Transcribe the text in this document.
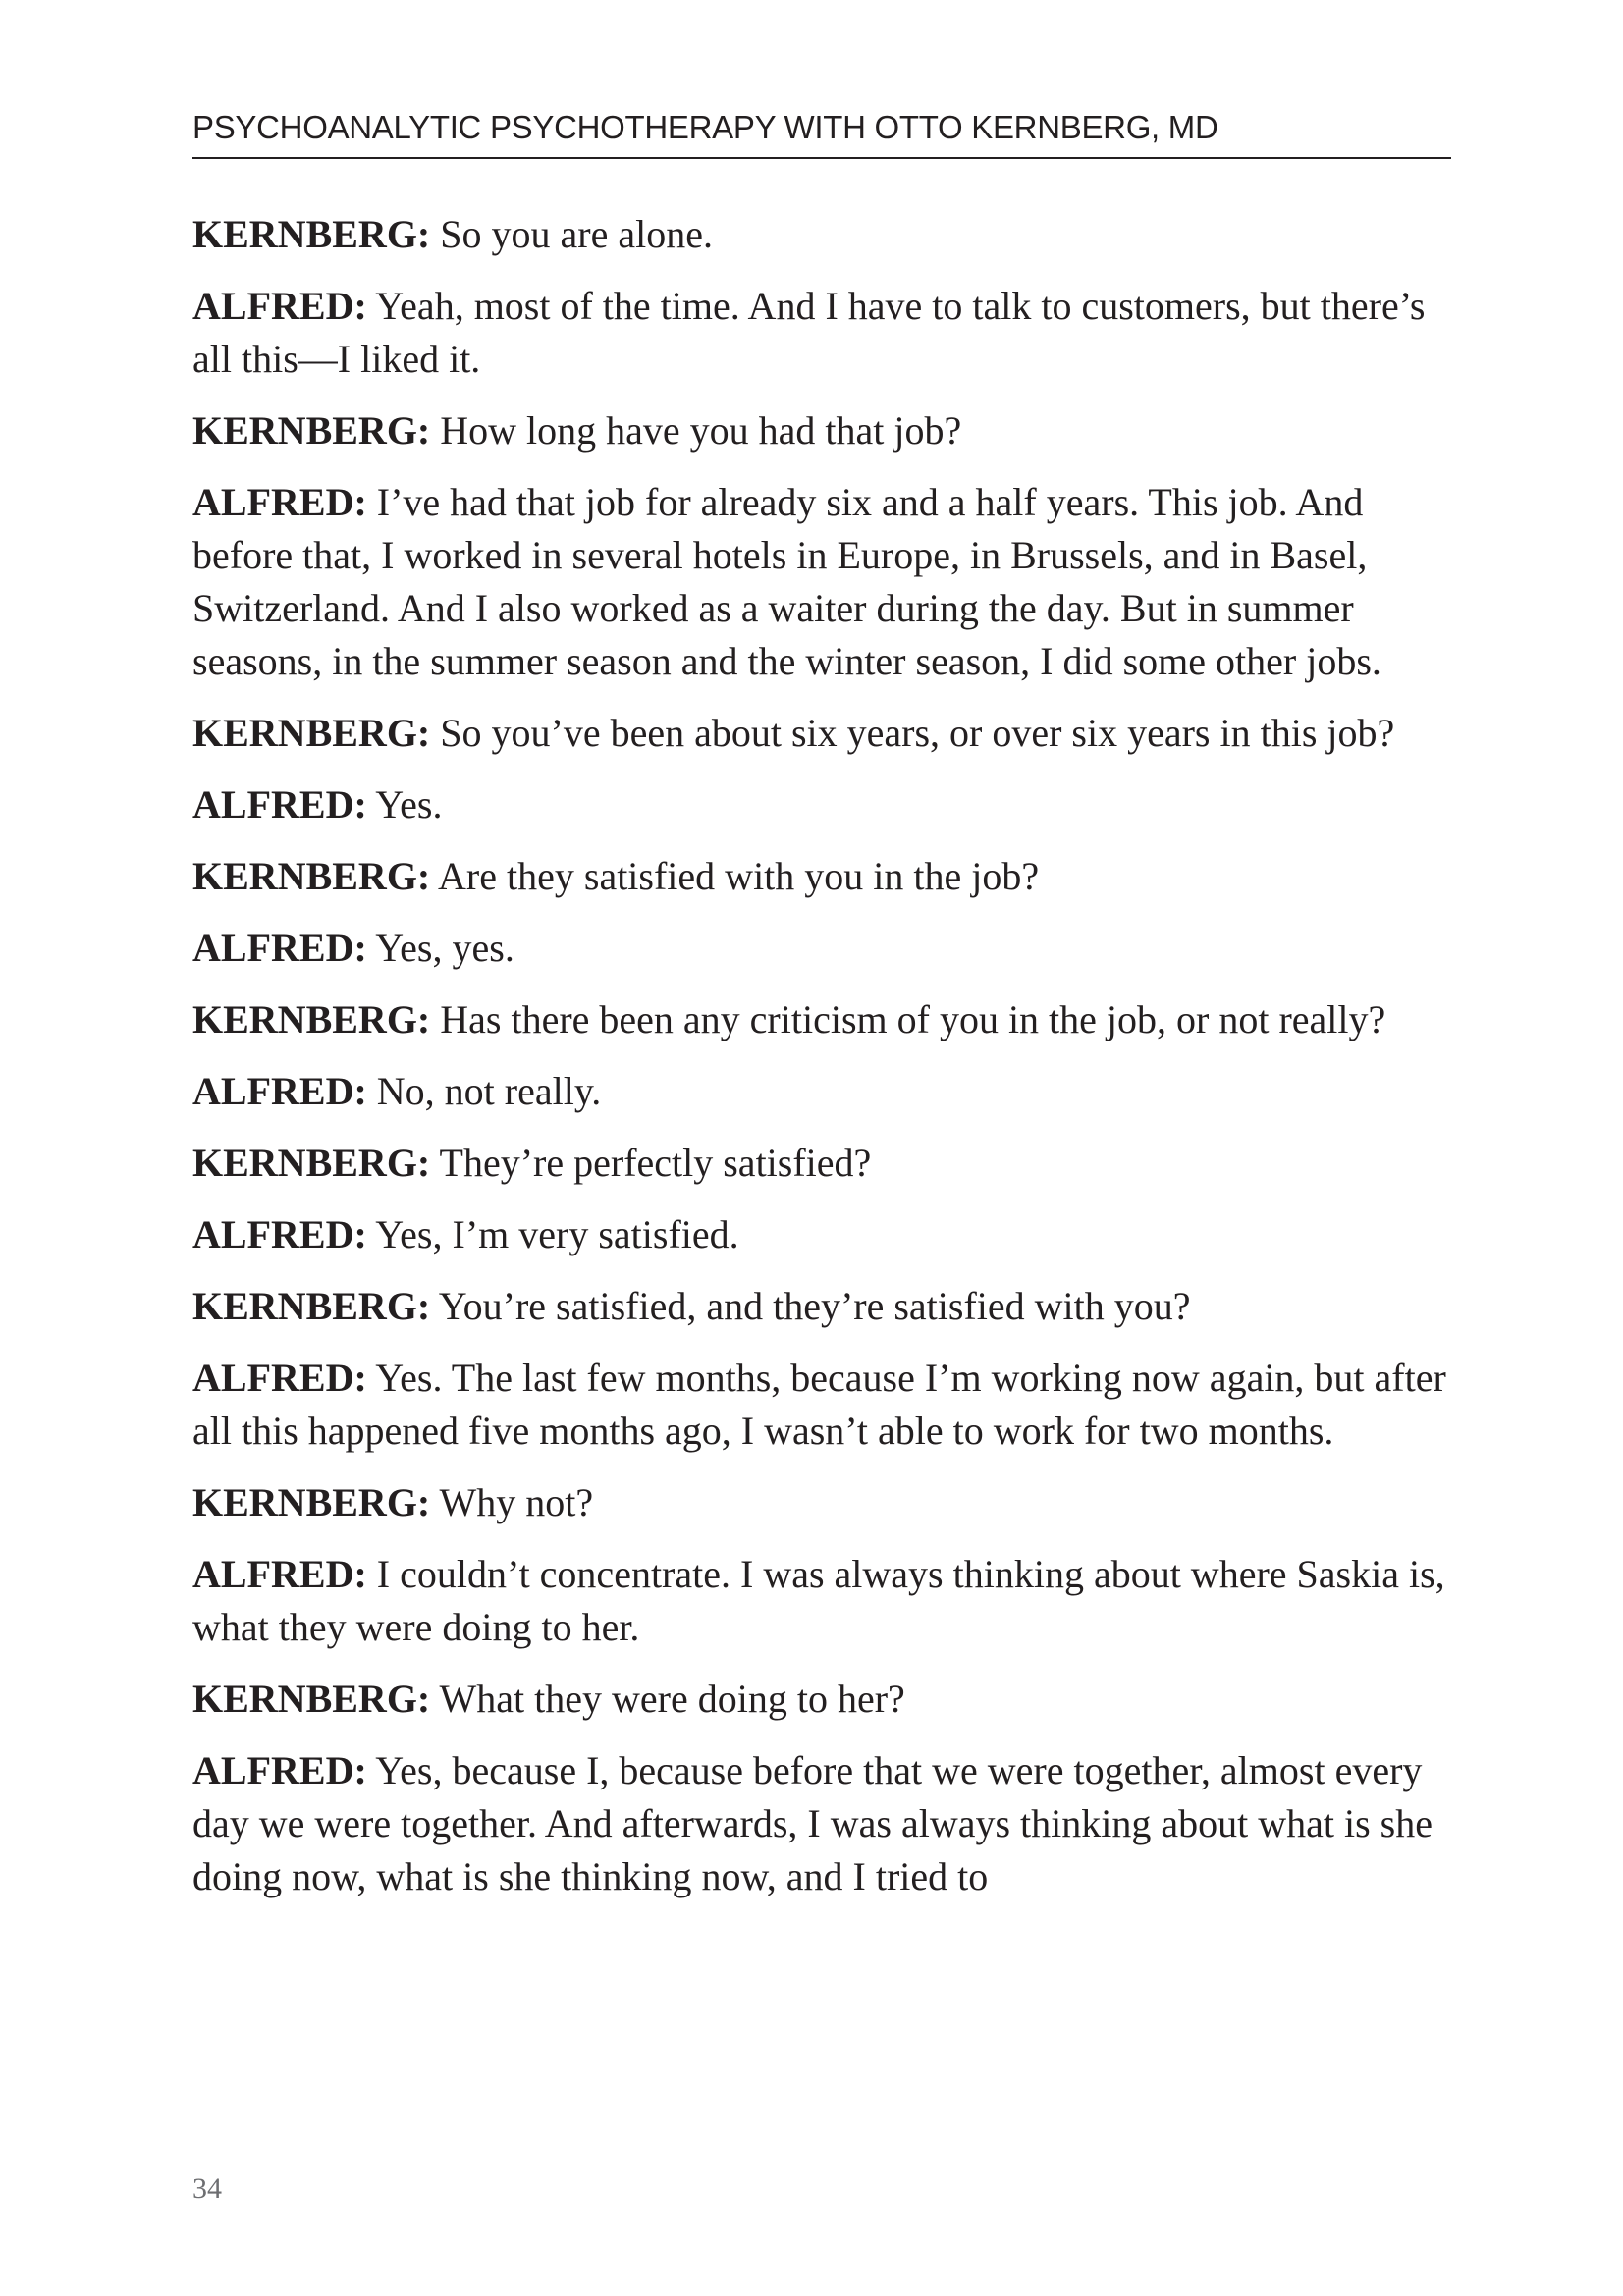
PSYCHOANALYTIC PSYCHOTHERAPY WITH OTTO KERNBERG, MD

KERNBERG: So you are alone.

ALFRED: Yeah, most of the time. And I have to talk to customers, but there’s all this—I liked it.

KERNBERG: How long have you had that job?

ALFRED: I’ve had that job for already six and a half years. This job. And before that, I worked in several hotels in Europe, in Brussels, and in Basel, Switzerland. And I also worked as a waiter during the day. But in summer seasons, in the summer season and the winter season, I did some other jobs.

KERNBERG: So you’ve been about six years, or over six years in this job?

ALFRED: Yes.

KERNBERG: Are they satisfied with you in the job?

ALFRED: Yes, yes.

KERNBERG: Has there been any criticism of you in the job, or not really?

ALFRED: No, not really.

KERNBERG: They’re perfectly satisfied?

ALFRED: Yes, I’m very satisfied.

KERNBERG: You’re satisfied, and they’re satisfied with you?

ALFRED: Yes. The last few months, because I’m working now again, but after all this happened five months ago, I wasn’t able to work for two months.

KERNBERG: Why not?

ALFRED: I couldn’t concentrate. I was always thinking about where Saskia is, what they were doing to her.

KERNBERG: What they were doing to her?

ALFRED: Yes, because I, because before that we were together, almost every day we were together. And afterwards, I was always thinking about what is she doing now, what is she thinking now, and I tried to

34
